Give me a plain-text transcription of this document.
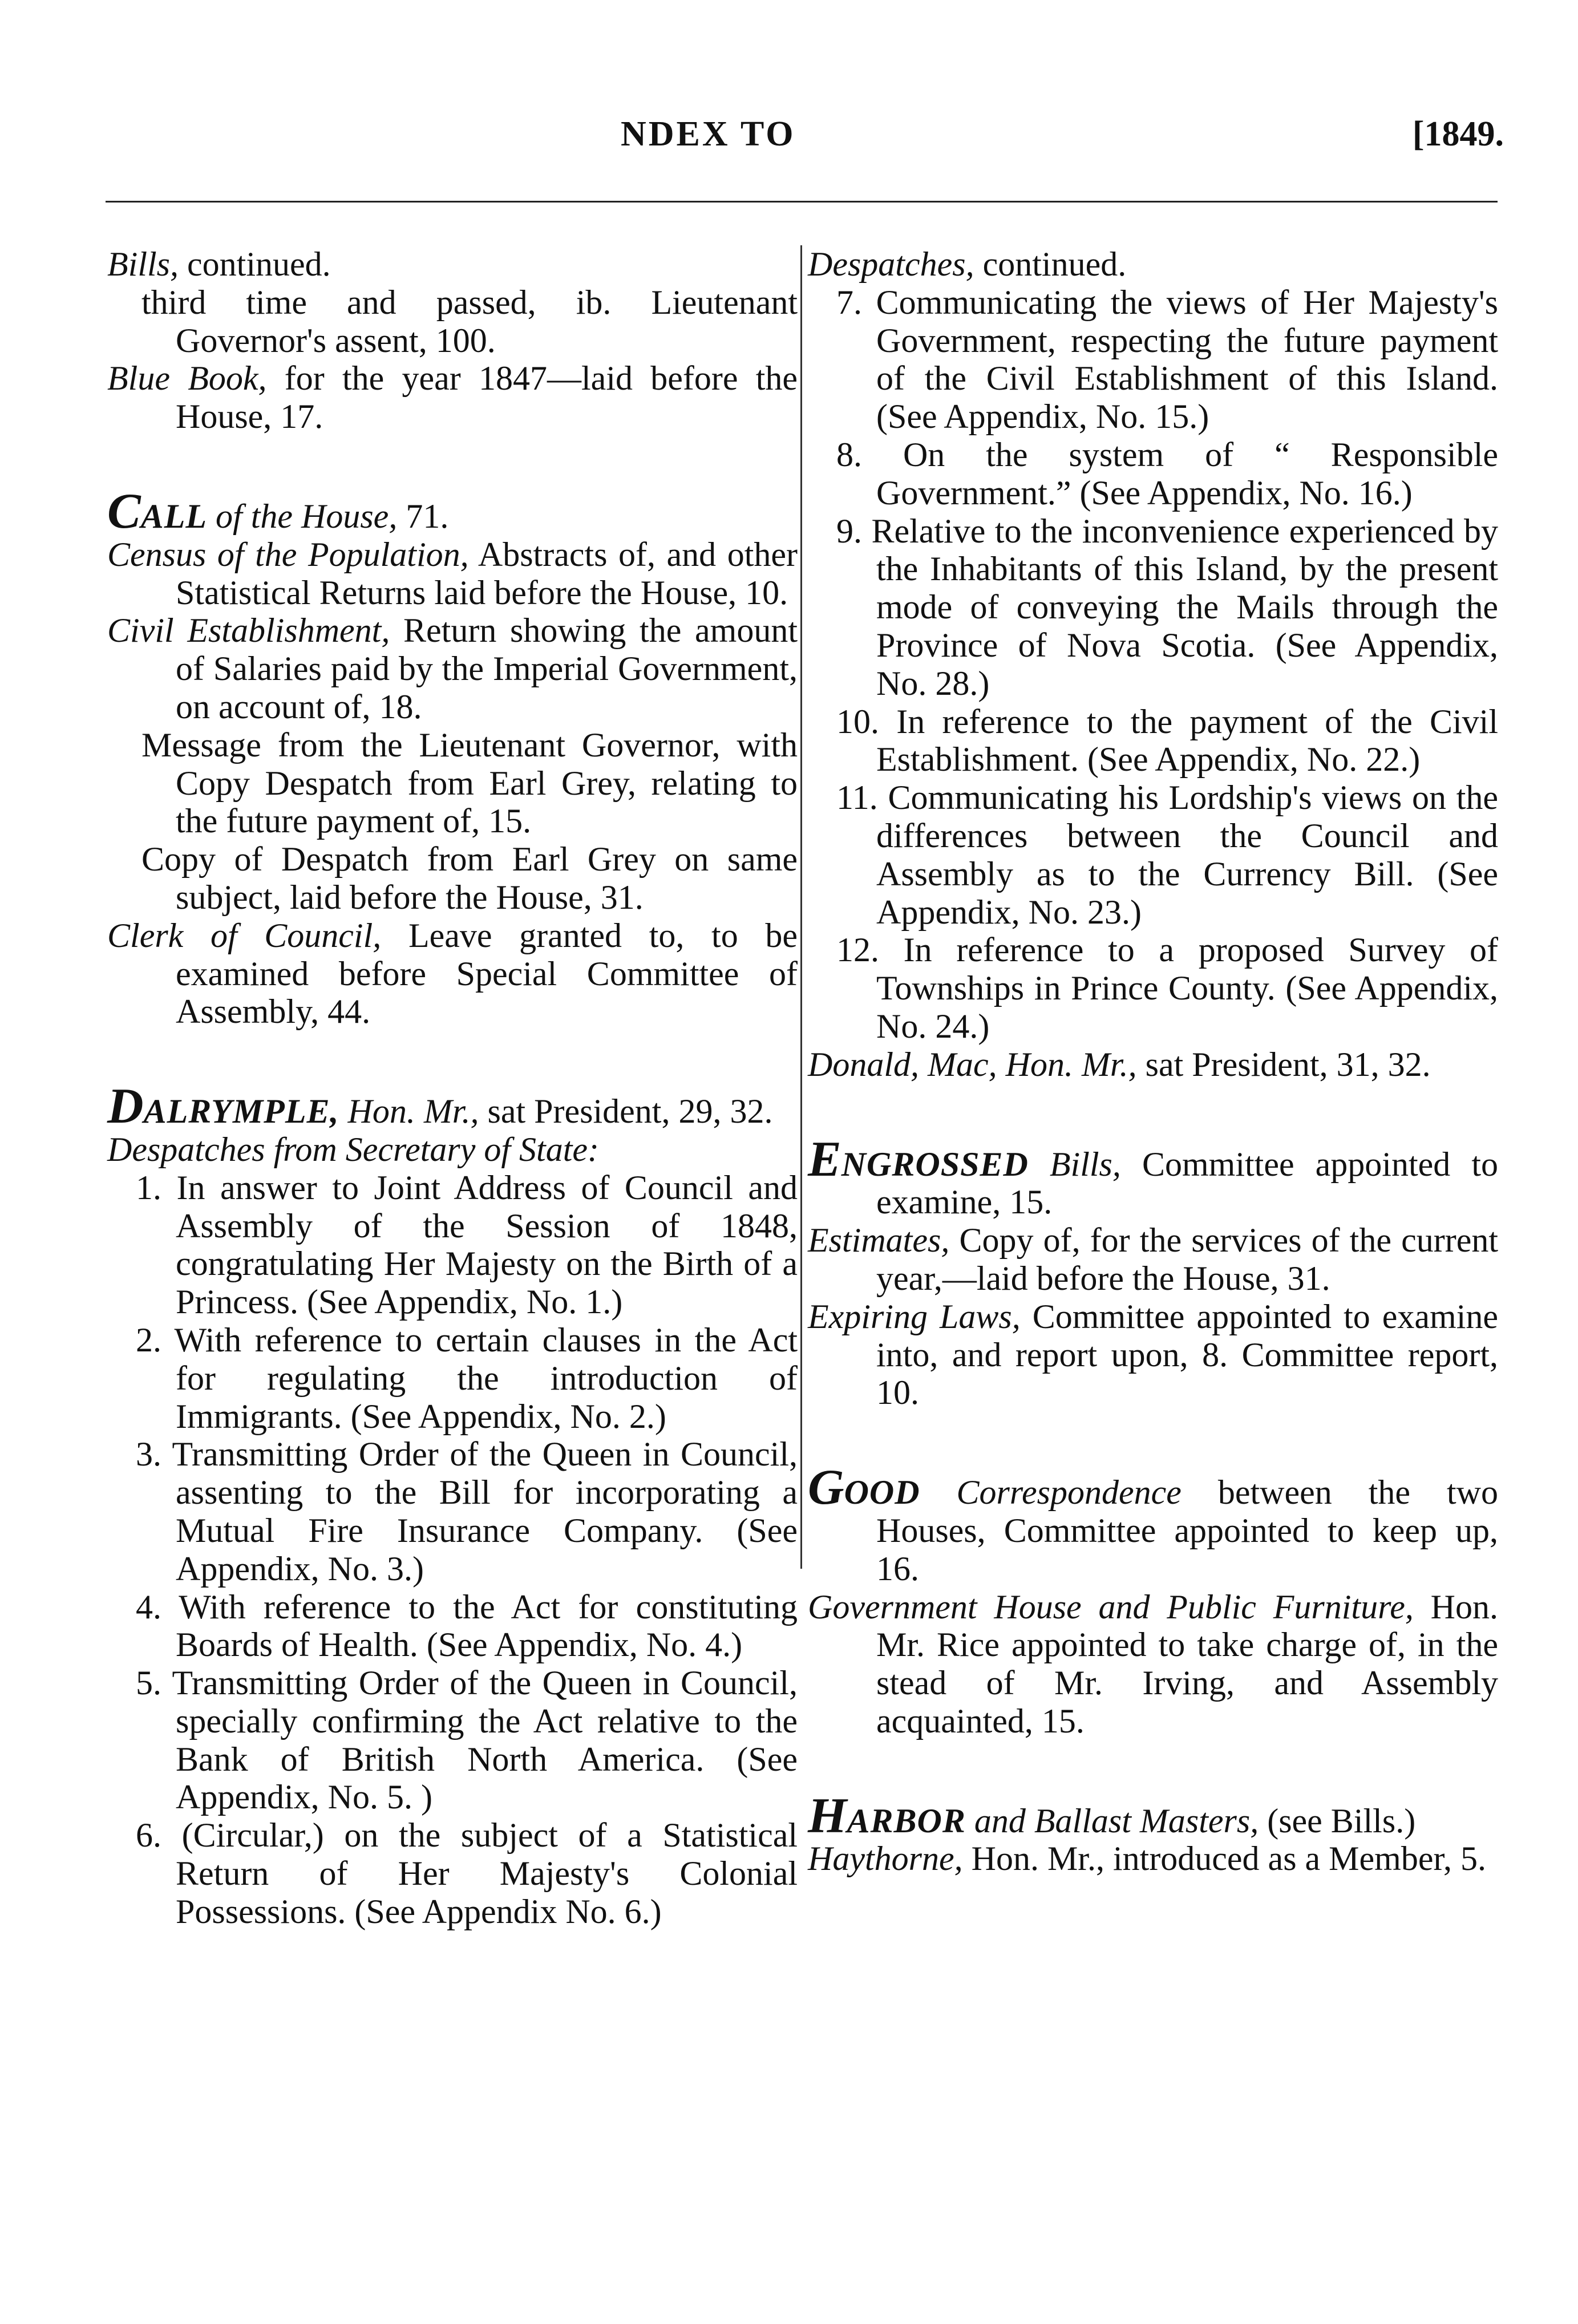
NDEX TO	[1849.

Bills, continued.

third time and passed, ib. Lieutenant Governor's assent, 100.

Blue Book, for the year 1847—laid before the House, 17.

CALL of the House, 71.

Census of the Population, Abstracts of, and other Statistical Returns laid before the House, 10.

Civil Establishment, Return showing the amount of Salaries paid by the Imperial Government, on account of, 18.

Message from the Lieutenant Governor, with Copy Despatch from Earl Grey, relating to the future payment of, 15.

Copy of Despatch from Earl Grey on same subject, laid before the House, 31.

Clerk of Council, Leave granted to, to be examined before Special Committee of Assembly, 44.

DALRYMPLE, Hon. Mr., sat President, 29, 32.

Despatches from Secretary of State:

1. In answer to Joint Address of Council and Assembly of the Session of 1848, congratulating Her Majesty on the Birth of a Princess. (See Appendix, No. 1.)

2. With reference to certain clauses in the Act for regulating the introduction of Immigrants. (See Appendix, No. 2.)

3. Transmitting Order of the Queen in Council, assenting to the Bill for incorporating a Mutual Fire Insurance Company. (See Appendix, No. 3.)

4. With reference to the Act for constituting Boards of Health. (See Appendix, No. 4.)

5. Transmitting Order of the Queen in Council, specially confirming the Act relative to the Bank of British North America. (See Appendix, No. 5. )

6. (Circular,) on the subject of a Statistical Return of Her Majesty's Colonial Possessions. (See Appendix No. 6.)

Despatches, continued.

7. Communicating the views of Her Majesty's Government, respecting the future payment of the Civil Establishment of this Island. (See Appendix, No. 15.)

8. On the system of “ Responsible Government.” (See Appendix, No. 16.)

9. Relative to the inconvenience experienced by the Inhabitants of this Island, by the present mode of conveying the Mails through the Province of Nova Scotia. (See Appendix, No. 28.)

10. In reference to the payment of the Civil Establishment. (See Appendix, No. 22.)

11. Communicating his Lordship's views on the differences between the Council and Assembly as to the Currency Bill. (See Appendix, No. 23.)

12. In reference to a proposed Survey of Townships in Prince County. (See Appendix, No. 24.)

Donald, Mac, Hon. Mr., sat President, 31, 32.

ENGROSSED Bills, Committee appointed to examine, 15.

Estimates, Copy of, for the services of the current year,—laid before the House, 31.

Expiring Laws, Committee appointed to examine into, and report upon, 8. Committee report, 10.

GOOD Correspondence between the two Houses, Committee appointed to keep up, 16.

Government House and Public Furniture, Hon. Mr. Rice appointed to take charge of, in the stead of Mr. Irving, and Assembly acquainted, 15.

HARBOR and Ballast Masters, (see Bills.)

Haythorne, Hon. Mr., introduced as a Member, 5.
